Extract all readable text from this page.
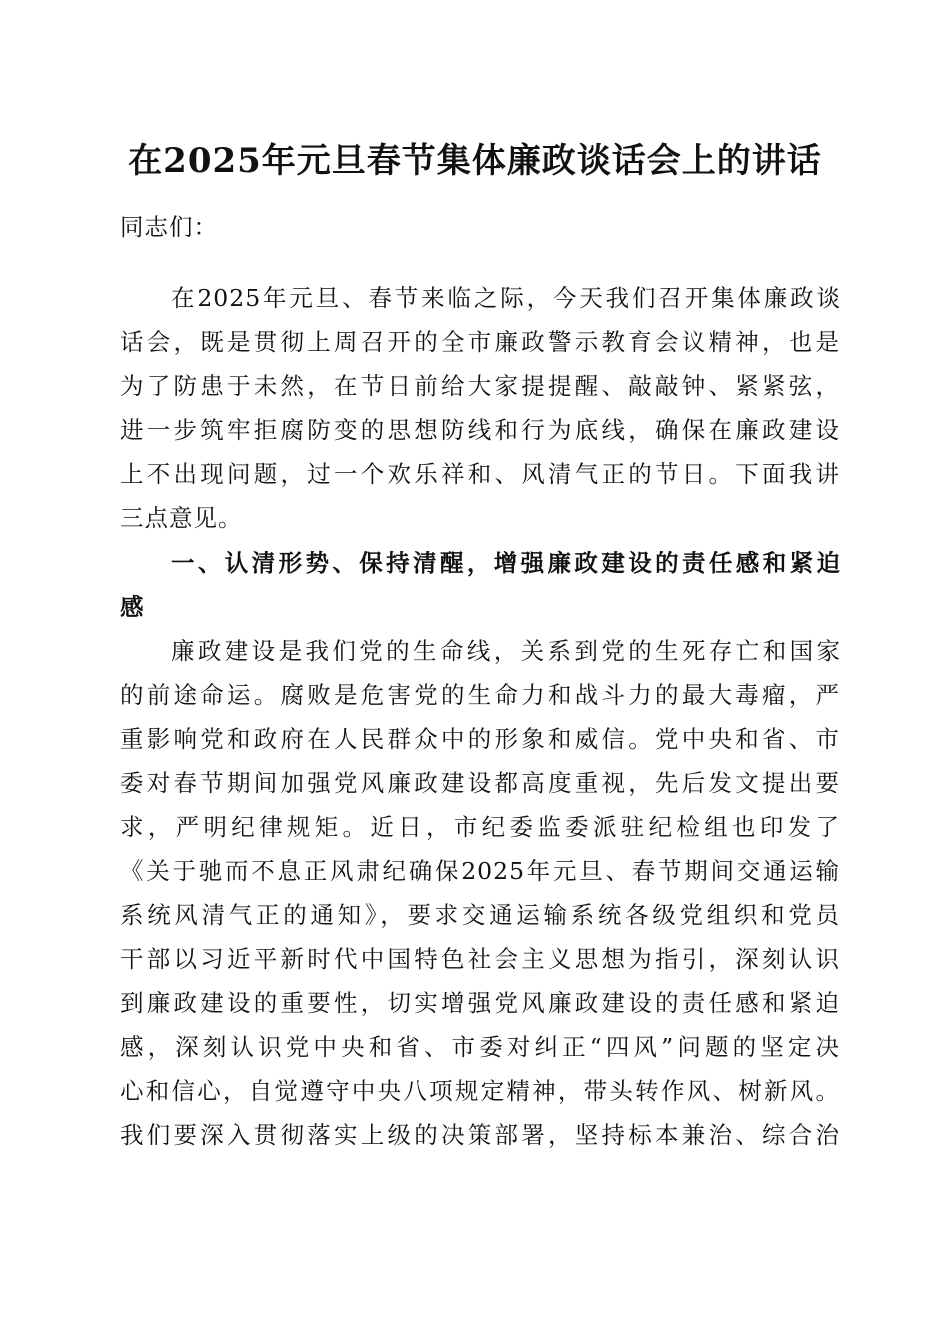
在2025年元旦春节集体廉政谈话会上的讲话
同志们：
在2025年元旦、春节来临之际，今天我们召开集体廉政谈
话会，既是贯彻上周召开的全市廉政警示教育会议精神，也是
为了防患于未然，在节日前给大家提提醒、敲敲钟、紧紧弦，
进一步筑牢拒腐防变的思想防线和行为底线，确保在廉政建设
上不出现问题，过一个欢乐祥和、风清气正的节日。下面我讲
三点意见。
一、认清形势、保持清醒，增强廉政建设的责任感和紧迫
感
廉政建设是我们党的生命线，关系到党的生死存亡和国家
的前途命运。腐败是危害党的生命力和战斗力的最大毒瘤，严
重影响党和政府在人民群众中的形象和威信。党中央和省、市
委对春节期间加强党风廉政建设都高度重视，先后发文提出要
求，严明纪律规矩。近日，市纪委监委派驻纪检组也印发了
《关于驰而不息正风肃纪确保2025年元旦、春节期间交通运输
系统风清气正的通知》，要求交通运输系统各级党组织和党员
干部以习近平新时代中国特色社会主义思想为指引，深刻认识
到廉政建设的重要性，切实增强党风廉政建设的责任感和紧迫
感，深刻认识党中央和省、市委对纠正“四风”问题的坚定决
心和信心，自觉遵守中央八项规定精神，带头转作风、树新风。
我们要深入贯彻落实上级的决策部署，坚持标本兼治、综合治
